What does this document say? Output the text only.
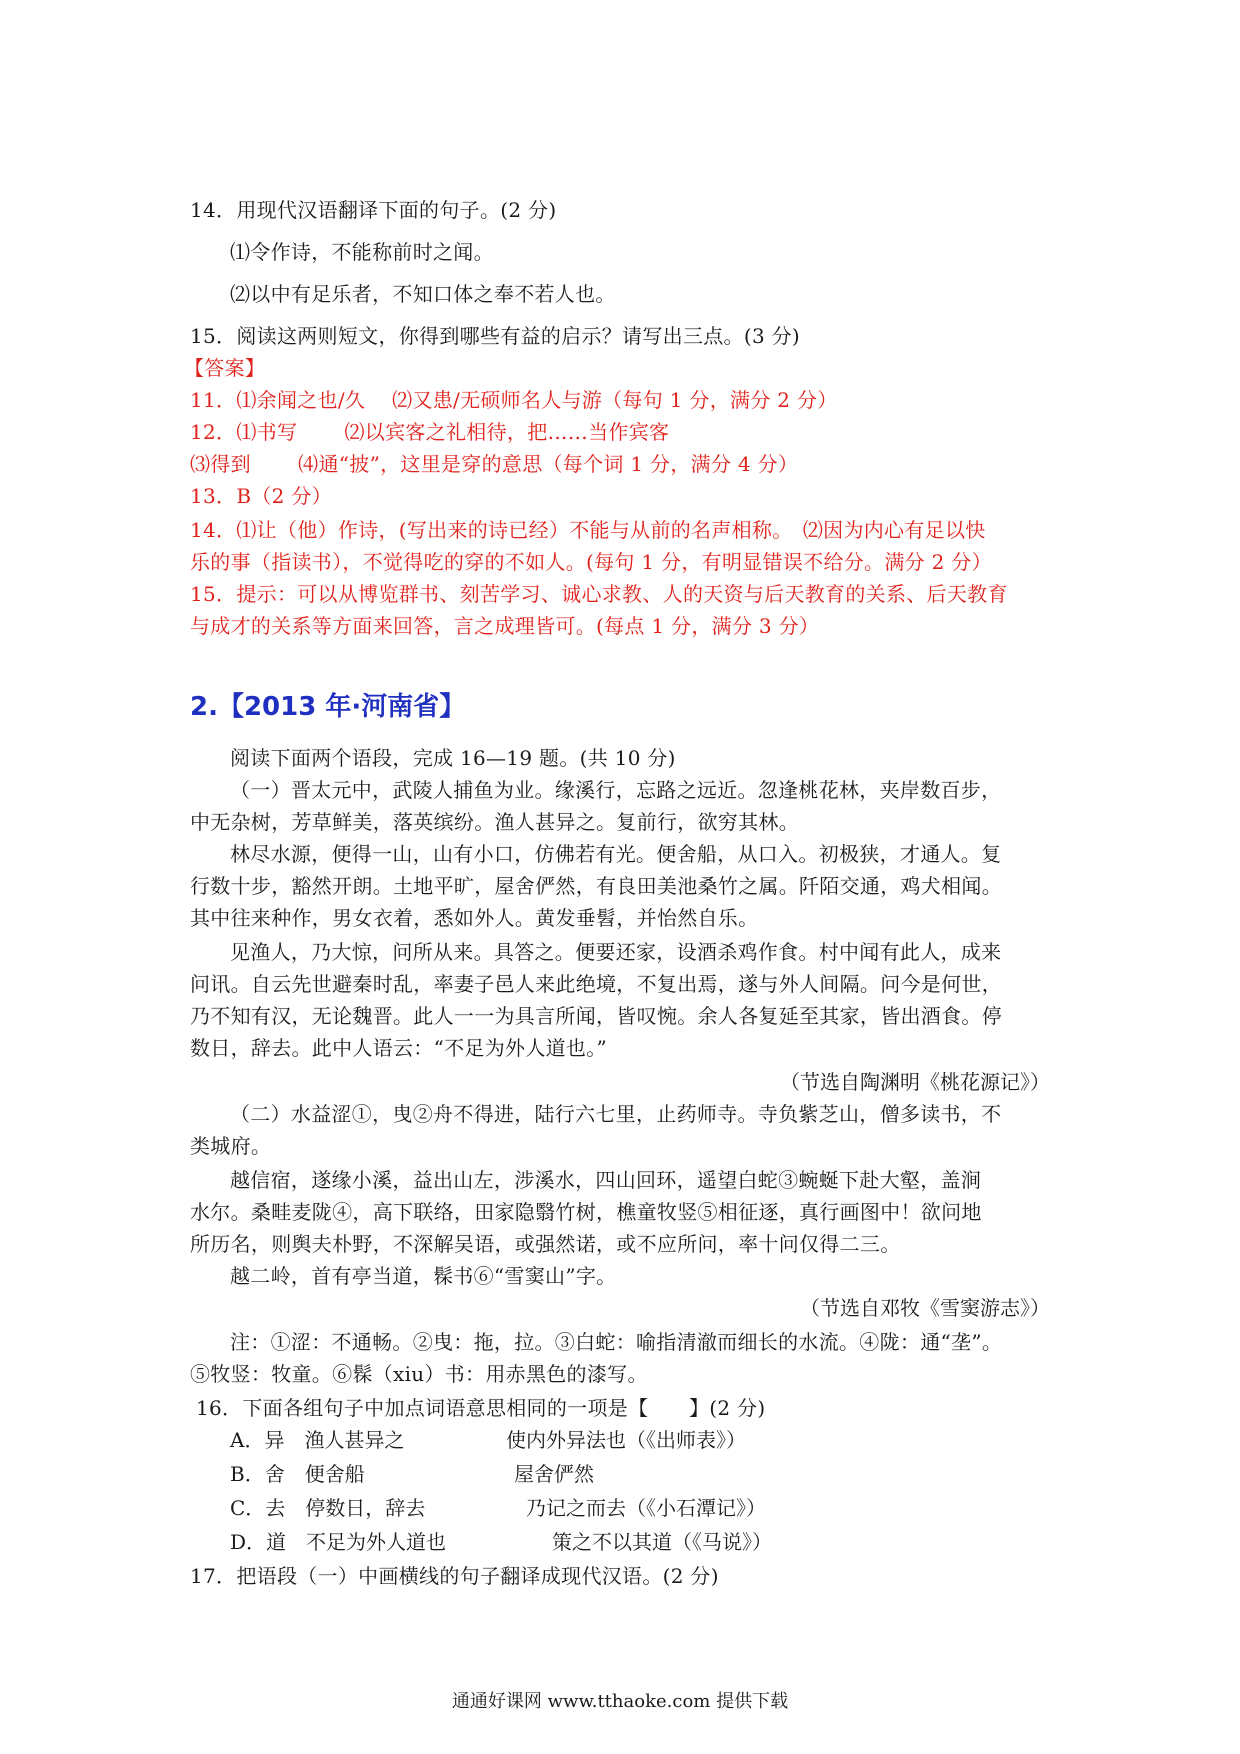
14．用现代汉语翻译下面的句子。(2 分)
⑴令作诗，不能称前时之闻。
⑵以中有足乐者，不知口体之奉不若人也。
15．阅读这两则短文，你得到哪些有益的启示？请写出三点。(3 分)
【答案】
11．⑴余闻之也/久　 ⑵又患/无硕师名人与游（每句 1 分，满分 2 分）
12．⑴书写　　 ⑵以宾客之礼相待，把……当作宾客
⑶得到　　 ⑷通“披”，这里是穿的意思（每个词 1 分，满分 4 分）
13．B（2 分）
14．⑴让（他）作诗，(写出来的诗已经）不能与从前的名声相称。　⑵因为内心有足以快
乐的事（指读书），不觉得吃的穿的不如人。(每句 1 分，有明显错误不给分。满分 2 分）
15．提示：可以从博览群书、刻苦学习、诚心求教、人的天资与后天教育的关系、后天教育
与成才的关系等方面来回答，言之成理皆可。(每点 1 分，满分 3 分）
2.【2013 年·河南省】
阅读下面两个语段，完成 16—19 题。(共 10 分)
（一）晋太元中，武陵人捕鱼为业。缘溪行，忘路之远近。忽逢桃花林，夹岸数百步，
中无杂树，芳草鲜美，落英缤纷。渔人甚异之。复前行，欲穷其林。
林尽水源，便得一山，山有小口，仿佛若有光。便舍船，从口入。初极狭，才通人。复
行数十步，豁然开朗。土地平旷，屋舍俨然，有良田美池桑竹之属。阡陌交通，鸡犬相闻。
其中往来种作，男女衣着，悉如外人。黄发垂髫，并怡然自乐。
见渔人，乃大惊，问所从来。具答之。便要还家，设酒杀鸡作食。村中闻有此人，成来
问讯。自云先世避秦时乱，率妻子邑人来此绝境，不复出焉，遂与外人间隔。问今是何世，
乃不知有汉，无论魏晋。此人一一为具言所闻，皆叹惋。余人各复延至其家，皆出酒食。停
数日，辞去。此中人语云：“不足为外人道也。”
（节选自陶渊明《桃花源记》）
（二）水益涩①，曳②舟不得进，陆行六七里，止药师寺。寺负紫芝山，僧多读书，不
类城府。
越信宿，遂缘小溪，益出山左，涉溪水，四山回环，遥望白蛇③蜿蜒下赴大壑，盖涧
水尔。桑畦麦陇④，高下联络，田家隐翳竹树，樵童牧竖⑤相征逐，真行画图中！欲问地
所历名，则舆夫朴野，不深解吴语，或强然诺，或不应所问，率十问仅得二三。
越二岭，首有亭当道，髹书⑥“雪窦山”字。
（节选自邓牧《雪窦游志》）
注：①涩：不通畅。②曳：拖，拉。③白蛇：喻指清澈而细长的水流。④陇：通“垄”。
⑤牧竖：牧童。⑥髹（xiu）书：用赤黑色的漆写。
16．下面各组句子中加点词语意思相同的一项是【　　】(2 分)
A．异　渔人甚异之	使内外异法也（《出师表》）
B．舍　便舍船	屋舍俨然
C．去　停数日，辞去	乃记之而去（《小石潭记》）
D．道　不足为外人道也	策之不以其道（《马说》）
17．把语段（一）中画横线的句子翻译成现代汉语。(2 分)
通通好课网 www.tthaoke.com 提供下载
